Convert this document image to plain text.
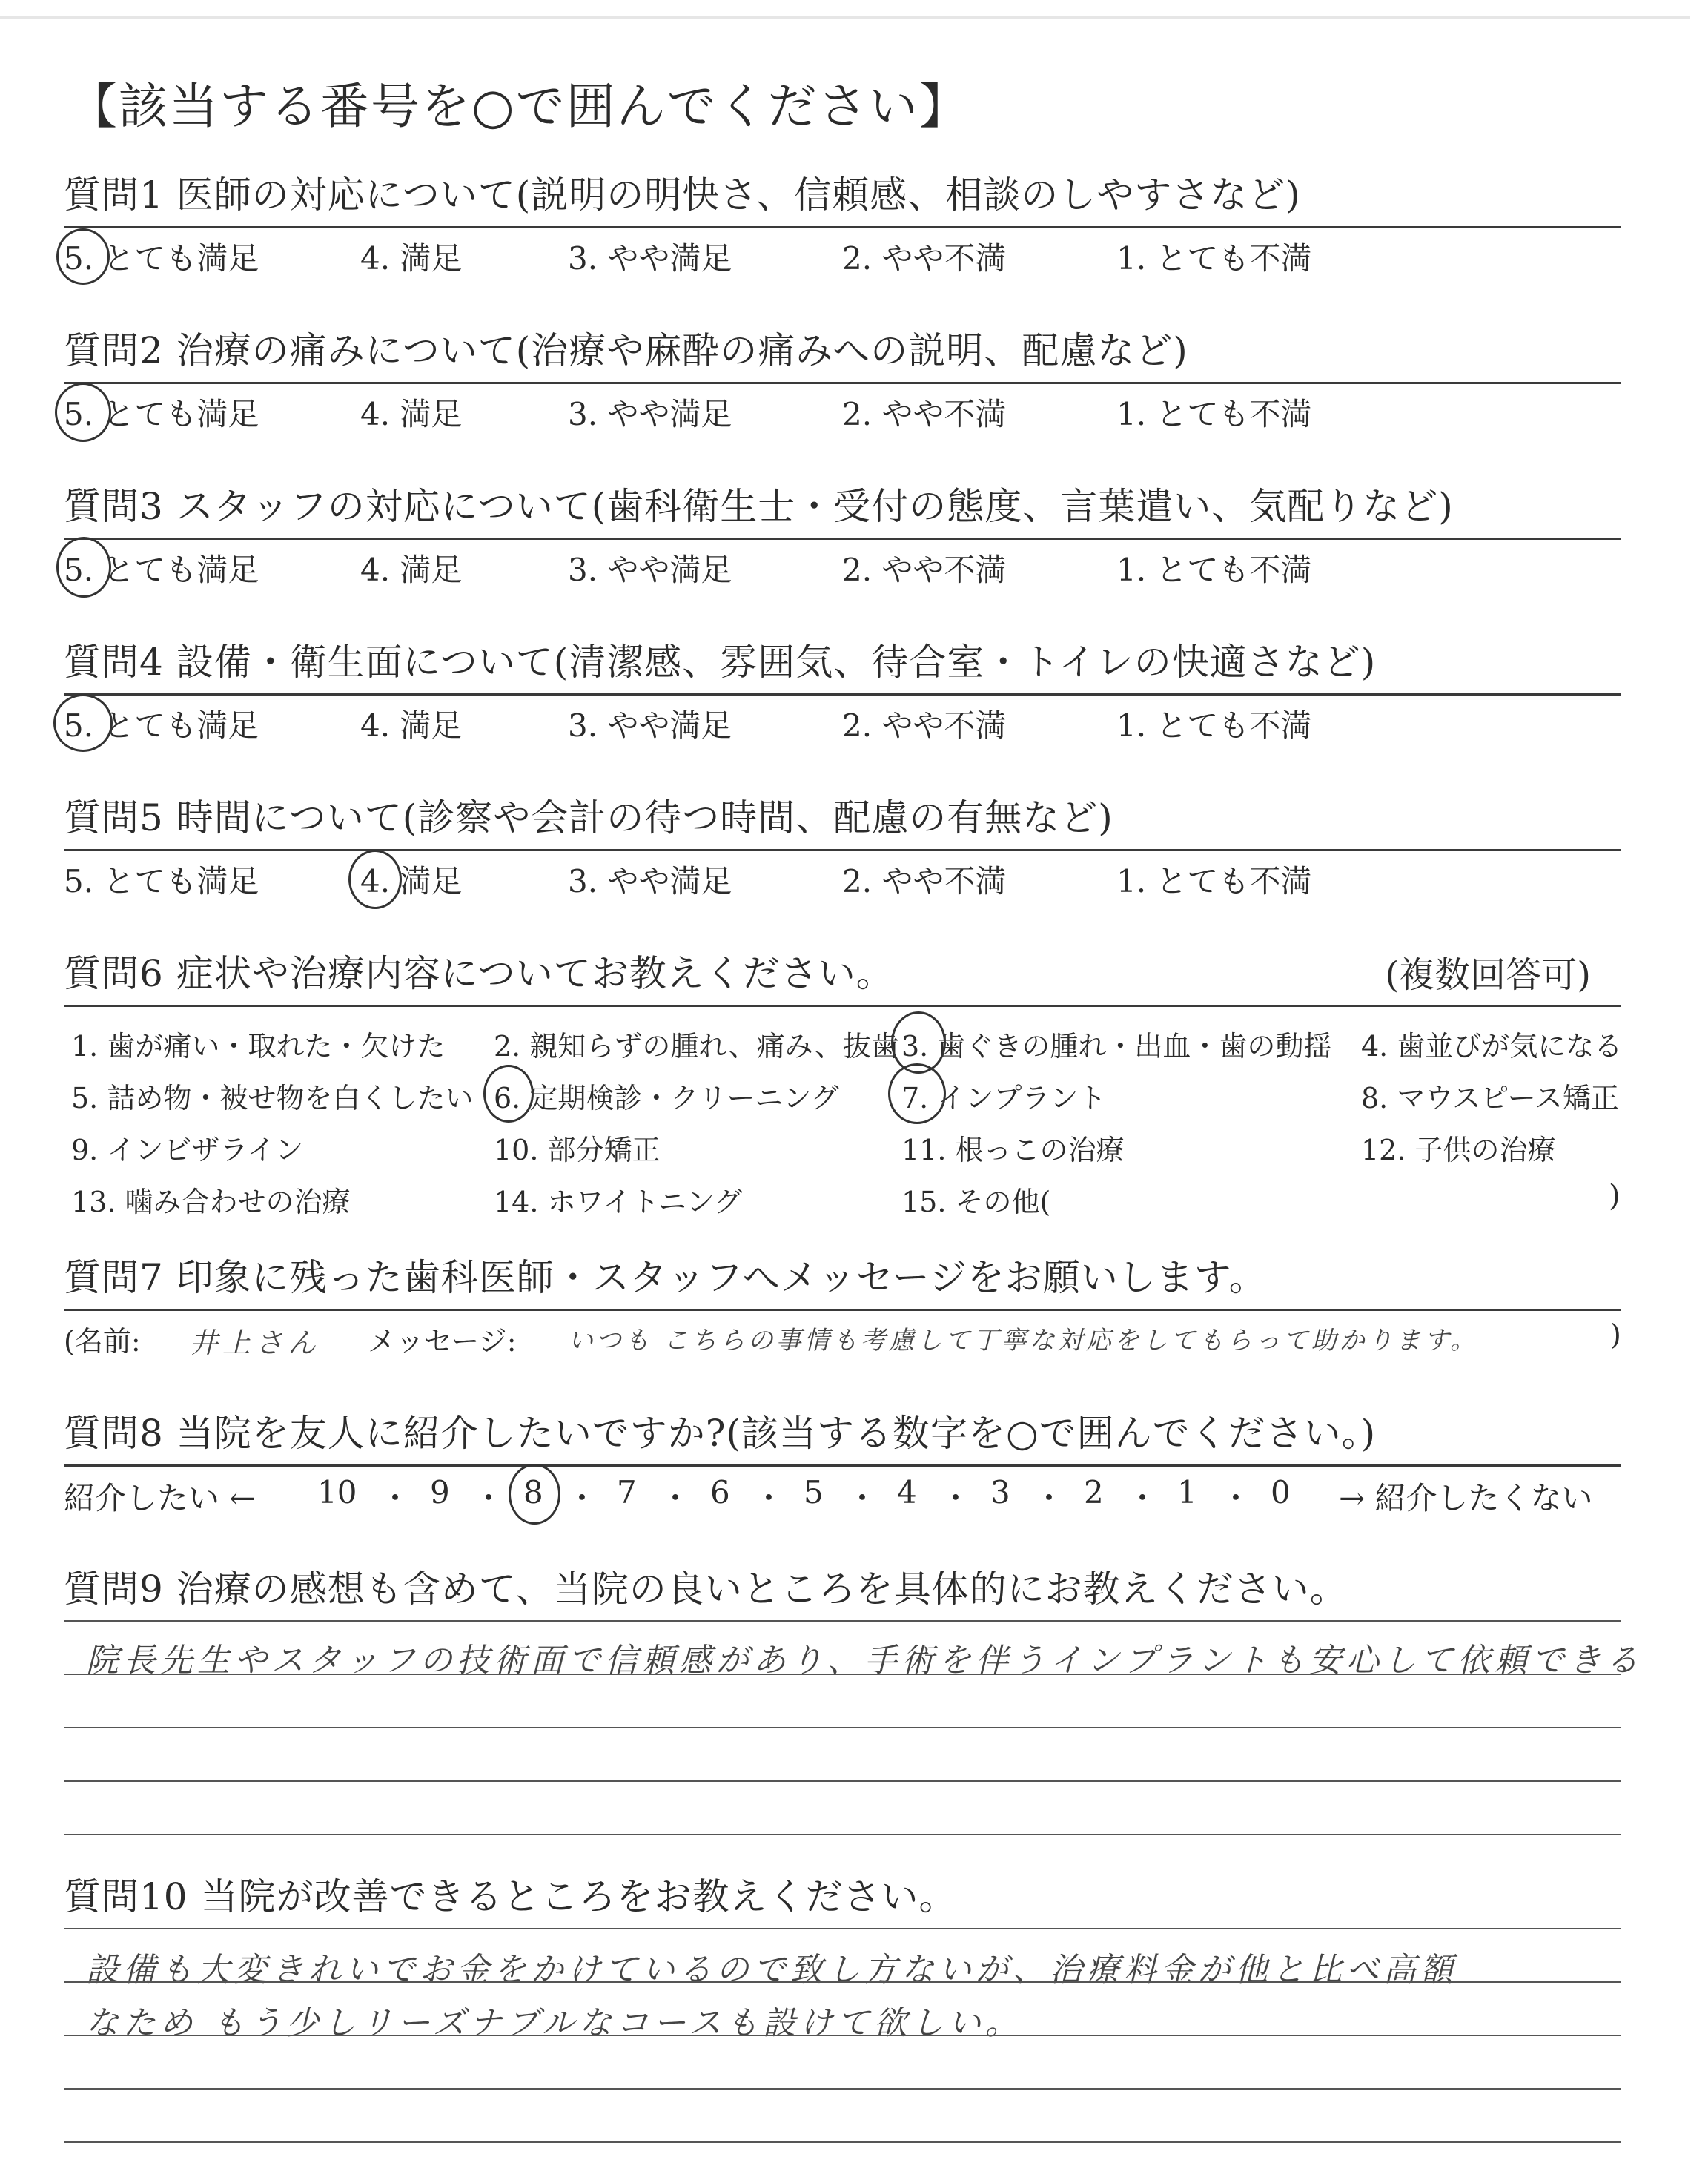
【該当する番号を○で囲んでください】
質問1 医師の対応について(説明の明快さ、信頼感、相談のしやすさなど)
5. とても満足	4. 満足	3. やや満足	2. やや不満	1. とても不満
質問2 治療の痛みについて(治療や麻酔の痛みへの説明、配慮など)
5. とても満足	4. 満足	3. やや満足	2. やや不満	1. とても不満
質問3 スタッフの対応について(歯科衛生士・受付の態度、言葉遣い、気配りなど)
5. とても満足	4. 満足	3. やや満足	2. やや不満	1. とても不満
質問4 設備・衛生面について(清潔感、雰囲気、待合室・トイレの快適さなど)
5. とても満足	4. 満足	3. やや満足	2. やや不満	1. とても不満
質問5 時間について(診察や会計の待つ時間、配慮の有無など)
5. とても満足	4. 満足	3. やや満足	2. やや不満	1. とても不満
質問6 症状や治療内容についてお教えください。	(複数回答可)
1. 歯が痛い・取れた・欠けた 2. 親知らずの腫れ、痛み、抜歯 3. 歯ぐきの腫れ・出血・歯の動揺 4. 歯並びが気になる
5. 詰め物・被せ物を白くしたい 6. 定期検診・クリーニング 7. インプラント	8. マウスピース矯正
9. インビザライン	10. 部分矯正	11. 根っこの治療	12. 子供の治療
13. 噛み合わせの治療	14. ホワイトニング	15. その他(	)
質問7 印象に残った歯科医師・スタッフへメッセージをお願いします。
(名前: 井上さん メッセージ: いつも こちらの事情も考慮して丁寧な対応をしてもらって助かります。	)
質問8 当院を友人に紹介したいですか?(該当する数字を○で囲んでください。)
紹介したい ← 10 ・ 9 ・ 8 ・ 7 ・ 6 ・ 5 ・ 4 ・ 3 ・ 2 ・ 1 ・ 0 → 紹介したくない
質問9 治療の感想も含めて、当院の良いところを具体的にお教えください。
院長先生やスタッフの技術面で信頼感があり、手術を伴うインプラントも安心して依頼できる
質問10 当院が改善できるところをお教えください。
設備も大変きれいでお金をかけているので致し方ないが、治療料金が他と比べ高額
なため もう少しリーズナブルなコースも設けて欲しい。
